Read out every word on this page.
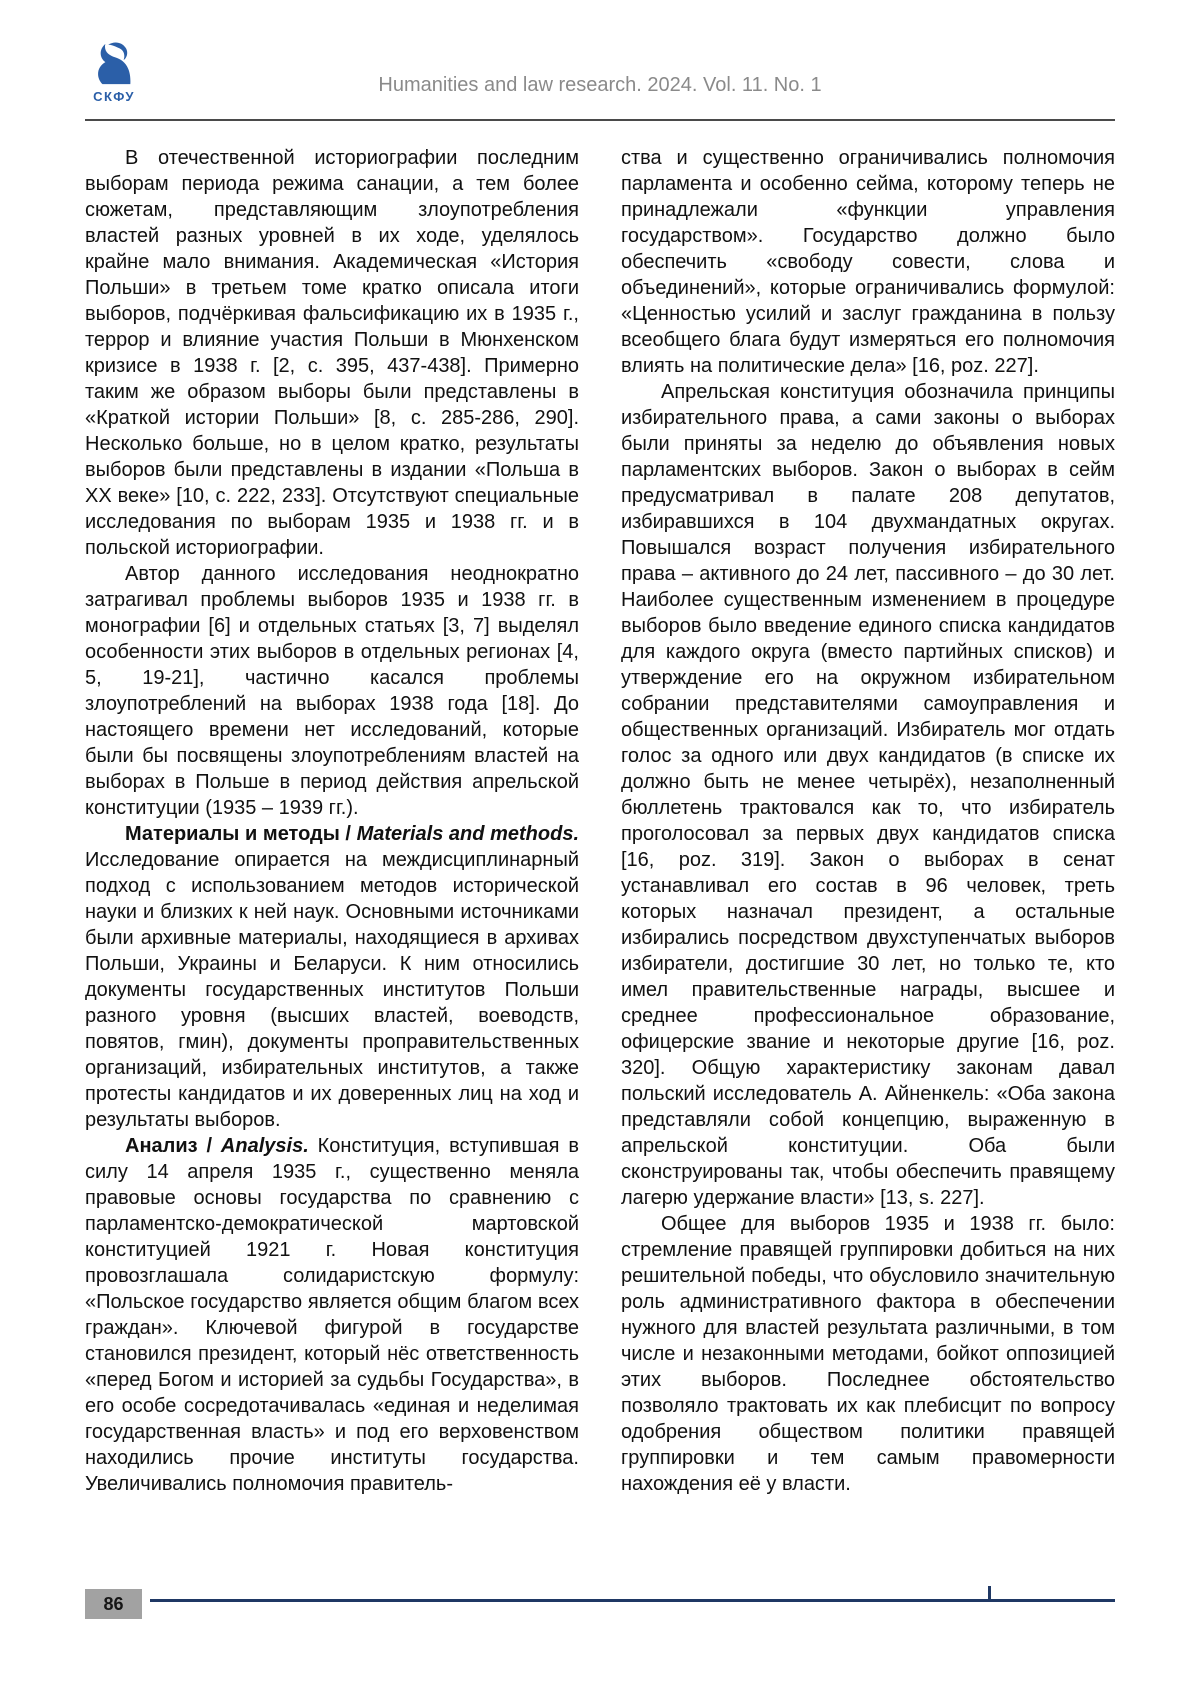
СКФУ
Humanities and law research. 2024. Vol. 11. No. 1

В отечественной историографии последним выборам периода режима санации, а тем более сюжетам, представляющим злоупотребления властей разных уровней в их ходе, уделялось крайне мало внимания. Академическая «История Польши» в третьем томе кратко описала итоги выборов, подчёркивая фальсификацию их в 1935 г., террор и влияние участия Польши в Мюнхенском кризисе в 1938 г. [2, с. 395, 437-438]. Примерно таким же образом выборы были представлены в «Краткой истории Польши» [8, с. 285-286, 290]. Несколько больше, но в целом кратко, результаты выборов были представлены в издании «Польша в XX веке» [10, с. 222, 233]. Отсутствуют специальные исследования по выборам 1935 и 1938 гг. и в польской историографии.

Автор данного исследования неоднократно затрагивал проблемы выборов 1935 и 1938 гг. в монографии [6] и отдельных статьях [3, 7] выделял особенности этих выборов в отдельных регионах [4, 5, 19-21], частично касался проблемы злоупотреблений на выборах 1938 года [18]. До настоящего времени нет исследований, которые были бы посвящены злоупотреблениям властей на выборах в Польше в период действия апрельской конституции (1935 – 1939 гг.).

Материалы и методы / Materials and methods. Исследование опирается на междисциплинарный подход с использованием методов исторической науки и близких к ней наук. Основными источниками были архивные материалы, находящиеся в архивах Польши, Украины и Беларуси. К ним относились документы государственных институтов Польши разного уровня (высших властей, воеводств, повятов, гмин), документы проправительственных организаций, избирательных институтов, а также протесты кандидатов и их доверенных лиц на ход и результаты выборов.

Анализ / Analysis. Конституция, вступившая в силу 14 апреля 1935 г., существенно меняла правовые основы государства по сравнению с парламентско-демократической мартовской конституцией 1921 г. Новая конституция провозглашала солидаристскую формулу: «Польское государство является общим благом всех граждан». Ключевой фигурой в государстве становился президент, который нёс ответственность «перед Богом и историей за судьбы Государства», в его особе сосредотачивалась «единая и неделимая государственная власть» и под его верховенством находились прочие институты государства. Увеличивались полномочия правитель-

ства и существенно ограничивались полномочия парламента и особенно сейма, которому теперь не принадлежали «функции управления государством». Государство должно было обеспечить «свободу совести, слова и объединений», которые ограничивались формулой: «Ценностью усилий и заслуг гражданина в пользу всеобщего блага будут измеряться его полномочия влиять на политические дела» [16, poz. 227].

Апрельская конституция обозначила принципы избирательного права, а сами законы о выборах были приняты за неделю до объявления новых парламентских выборов. Закон о выборах в сейм предусматривал в палате 208 депутатов, избиравшихся в 104 двухмандатных округах. Повышался возраст получения избирательного права – активного до 24 лет, пассивного – до 30 лет. Наиболее существенным изменением в процедуре выборов было введение единого списка кандидатов для каждого округа (вместо партийных списков) и утверждение его на окружном избирательном собрании представителями самоуправления и общественных организаций. Избиратель мог отдать голос за одного или двух кандидатов (в списке их должно быть не менее четырёх), незаполненный бюллетень трактовался как то, что избиратель проголосовал за первых двух кандидатов списка [16, poz. 319]. Закон о выборах в сенат устанавливал его состав в 96 человек, треть которых назначал президент, а остальные избирались посредством двухступенчатых выборов избиратели, достигшие 30 лет, но только те, кто имел правительственные награды, высшее и среднее профессиональное образование, офицерские звание и некоторые другие [16, poz. 320]. Общую характеристику законам давал польский исследователь А. Айненкель: «Оба закона представляли собой концепцию, выраженную в апрельской конституции. Оба были сконструированы так, чтобы обеспечить правящему лагерю удержание власти» [13, s. 227].

Общее для выборов 1935 и 1938 гг. было: стремление правящей группировки добиться на них решительной победы, что обусловило значительную роль административного фактора в обеспечении нужного для властей результата различными, в том числе и незаконными методами, бойкот оппозицией этих выборов. Последнее обстоятельство позволяло трактовать их как плебисцит по вопросу одобрения обществом политики правящей группировки и тем самым правомерности нахождения её у власти.

86
